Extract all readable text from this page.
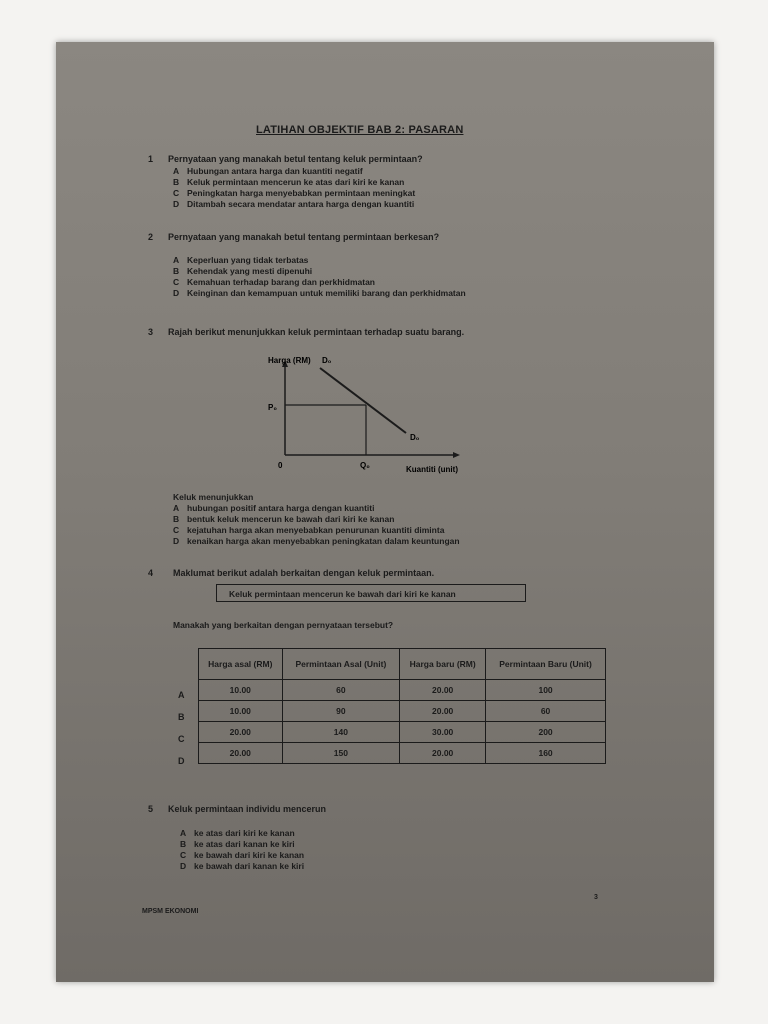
LATIHAN OBJEKTIF BAB 2: PASARAN
1 Pernyataan yang manakah betul tentang keluk permintaan?
A Hubungan antara harga dan kuantiti negatif
B Keluk permintaan mencerun ke atas dari kiri ke kanan
C Peningkatan harga menyebabkan permintaan meningkat
D Ditambah secara mendatar antara harga dengan kuantiti
2 Pernyataan yang manakah betul tentang permintaan berkesan?
A Keperluan yang tidak terbatas
B Kehendak yang mesti dipenuhi
C Kemahuan terhadap barang dan perkhidmatan
D Keinginan dan kemampuan untuk memiliki barang dan perkhidmatan
3 Rajah berikut menunjukkan keluk permintaan terhadap suatu barang.
Harga (RM) D₀
D₀
P₀
0	Q₀	Kuantiti (unit)
Keluk menunjukkan
A hubungan positif antara harga dengan kuantiti
B bentuk keluk mencerun ke bawah dari kiri ke kanan
C kejatuhan harga akan menyebabkan penurunan kuantiti diminta
D kenaikan harga akan menyebabkan peningkatan dalam keuntungan
4 Maklumat berikut adalah berkaitan dengan keluk permintaan.
Keluk permintaan mencerun ke bawah dari kiri ke kanan
Manakah yang berkaitan dengan pernyataan tersebut?
A
B
C
D
Harga asal (RM)	Permintaan Asal (Unit)	Harga baru (RM)	Permintaan Baru (Unit)
10.00	60	20.00	100
10.00	90	20.00	60
20.00	140	30.00	200
20.00	150	20.00	160
5 Keluk permintaan individu mencerun
A ke atas dari kiri ke kanan
B ke atas dari kanan ke kiri
C ke bawah dari kiri ke kanan
D ke bawah dari kanan ke kiri
MPSM EKONOMI
3
